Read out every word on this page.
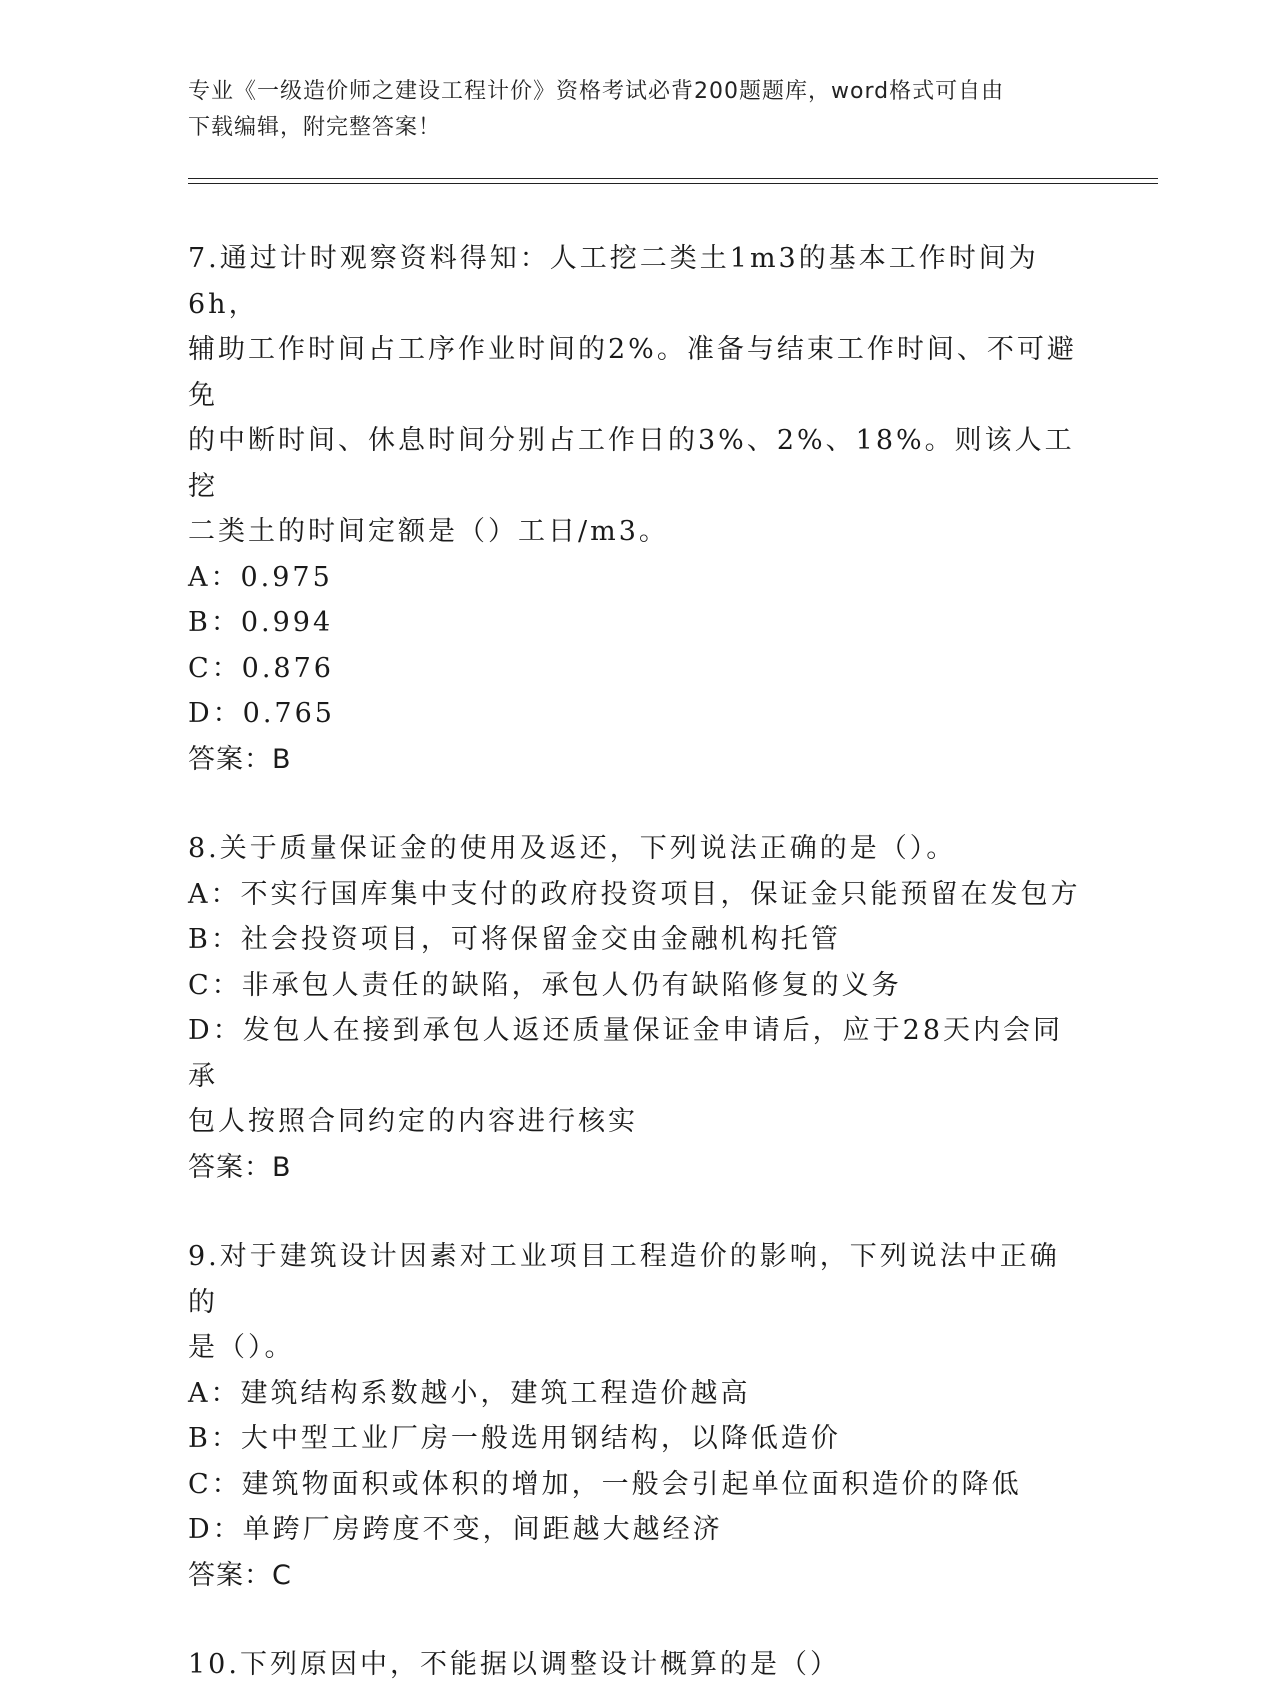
专业《一级造价师之建设工程计价》资格考试必背200题题库，word格式可自由
下载编辑，附完整答案！
7.通过计时观察资料得知：人工挖二类土1m3的基本工作时间为6h，
辅助工作时间占工序作业时间的2%。准备与结束工作时间、不可避免
的中断时间、休息时间分别占工作日的3%、2%、18%。则该人工挖
二类土的时间定额是（）工日/m3。
A：0.975
B：0.994
C：0.876
D：0.765
答案：B
8.关于质量保证金的使用及返还，下列说法正确的是（）。
A：不实行国库集中支付的政府投资项目，保证金只能预留在发包方
B：社会投资项目，可将保留金交由金融机构托管
C：非承包人责任的缺陷，承包人仍有缺陷修复的义务
D：发包人在接到承包人返还质量保证金申请后，应于28天内会同承
包人按照合同约定的内容进行核实
答案：B
9.对于建筑设计因素对工业项目工程造价的影响，下列说法中正确的
是（）。
A：建筑结构系数越小，建筑工程造价越高
B：大中型工业厂房一般选用钢结构，以降低造价
C：建筑物面积或体积的增加，一般会引起单位面积造价的降低
D：单跨厂房跨度不变，间距越大越经济
答案：C
10.下列原因中，不能据以调整设计概算的是（）
